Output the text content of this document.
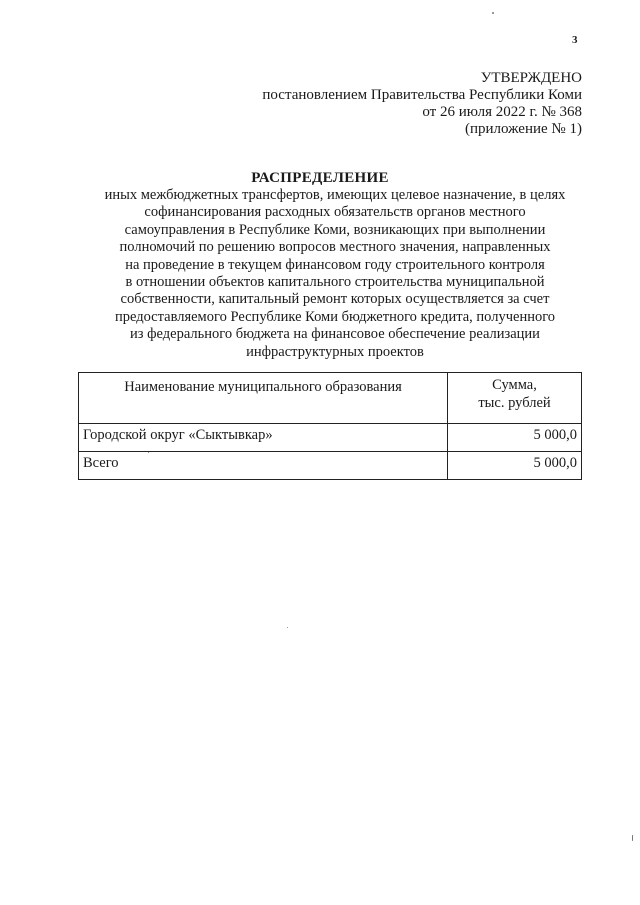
3
УТВЕРЖДЕНО
постановлением Правительства Республики Коми
от 26 июля 2022 г. № 368
(приложение № 1)
РАСПРЕДЕЛЕНИЕ
иных межбюджетных трансфертов, имеющих целевое назначение, в целях
софинансирования расходных обязательств органов местного
самоуправления в Республике Коми, возникающих при выполнении
полномочий по решению вопросов местного значения, направленных
на проведение в текущем финансовом году строительного контроля
в отношении объектов капитального строительства муниципальной
собственности, капитальный ремонт которых осуществляется за счет
предоставляемого Республике Коми бюджетного кредита, полученного
из федерального бюджета на финансовое обеспечение реализации
инфраструктурных проектов
Наименование муниципального образования	Сумма,
тыс. рублей

Городской округ «Сыктывкар»	5 000,0
Всего	5 000,0
